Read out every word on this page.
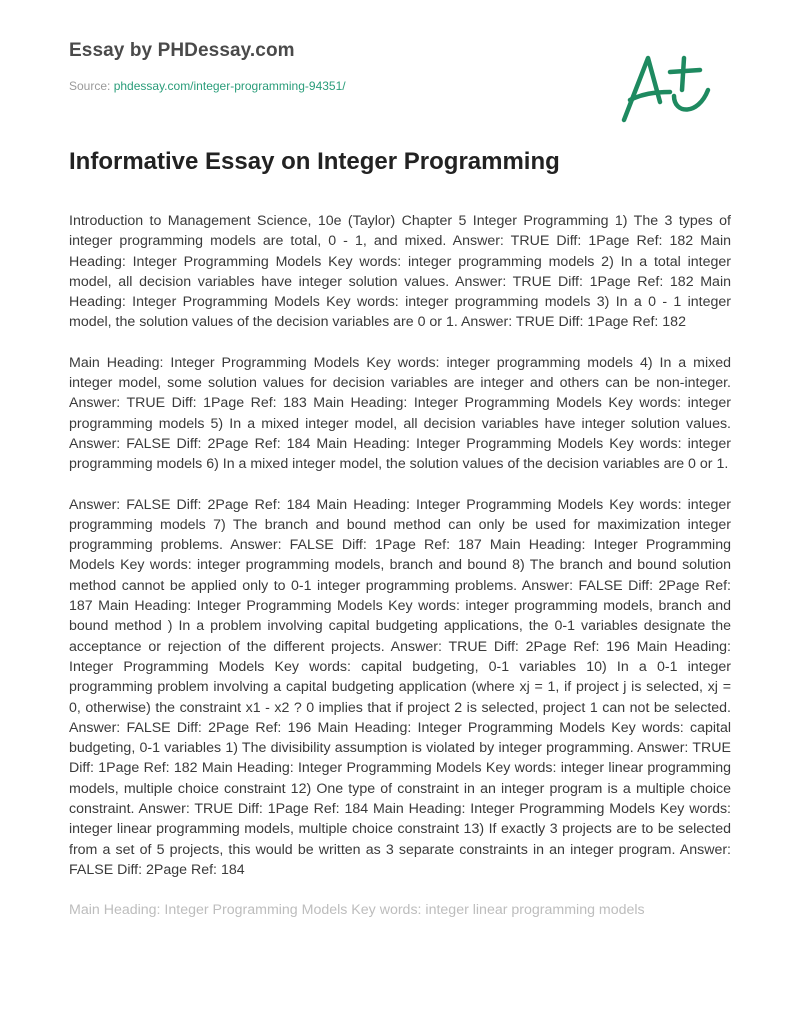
Essay by PHDessay.com
Source: phdessay.com/integer-programming-94351/
Informative Essay on Integer Programming

Introduction to Management Science, 10e (Taylor) Chapter 5 Integer Programming 1) The 3 types of integer programming models are total, 0 - 1, and mixed. Answer: TRUE Diff: 1Page Ref: 182 Main Heading: Integer Programming Models Key words: integer programming models 2) In a total integer model, all decision variables have integer solution values. Answer: TRUE Diff: 1Page Ref: 182 Main Heading: Integer Programming Models Key words: integer programming models 3) In a 0 - 1 integer model, the solution values of the decision variables are 0 or 1. Answer: TRUE Diff: 1Page Ref: 182

Main Heading: Integer Programming Models Key words: integer programming models 4) In a mixed integer model, some solution values for decision variables are integer and others can be non-integer. Answer: TRUE Diff: 1Page Ref: 183 Main Heading: Integer Programming Models Key words: integer programming models 5) In a mixed integer model, all decision variables have integer solution values. Answer: FALSE Diff: 2Page Ref: 184 Main Heading: Integer Programming Models Key words: integer programming models 6) In a mixed integer model, the solution values of the decision variables are 0 or 1.

Answer: FALSE Diff: 2Page Ref: 184 Main Heading: Integer Programming Models Key words: integer programming models 7) The branch and bound method can only be used for maximization integer programming problems. Answer: FALSE Diff: 1Page Ref: 187 Main Heading: Integer Programming Models Key words: integer programming models, branch and bound 8) The branch and bound solution method cannot be applied only to 0-1 integer programming problems. Answer: FALSE Diff: 2Page Ref: 187 Main Heading: Integer Programming Models Key words: integer programming models, branch and bound method ) In a problem involving capital budgeting applications, the 0-1 variables designate the acceptance or rejection of the different projects. Answer: TRUE Diff: 2Page Ref: 196 Main Heading: Integer Programming Models Key words: capital budgeting, 0-1 variables 10) In a 0-1 integer programming problem involving a capital budgeting application (where xj = 1, if project j is selected, xj = 0, otherwise) the constraint x1 - x2 ? 0 implies that if project 2 is selected, project 1 can not be selected. Answer: FALSE Diff: 2Page Ref: 196 Main Heading: Integer Programming Models Key words: capital budgeting, 0-1 variables 1) The divisibility assumption is violated by integer programming. Answer: TRUE Diff: 1Page Ref: 182 Main Heading: Integer Programming Models Key words: integer linear programming models, multiple choice constraint 12) One type of constraint in an integer program is a multiple choice constraint. Answer: TRUE Diff: 1Page Ref: 184 Main Heading: Integer Programming Models Key words: integer linear programming models, multiple choice constraint 13) If exactly 3 projects are to be selected from a set of 5 projects, this would be written as 3 separate constraints in an integer program. Answer: FALSE Diff: 2Page Ref: 184

Main Heading: Integer Programming Models Key words: integer linear programming models
